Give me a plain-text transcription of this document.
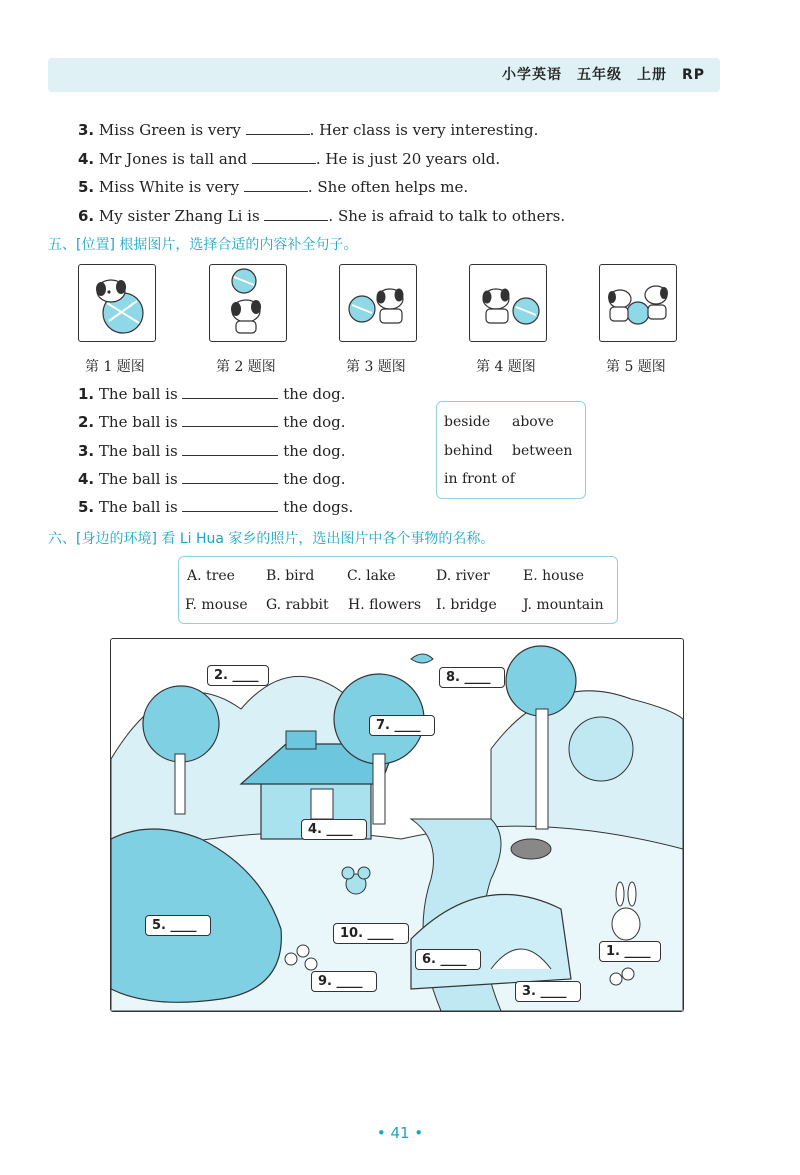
小学英语　五年级　上册　RP
3. Miss Green is very	. Her class is very interesting.
4. Mr Jones is tall and	. He is just 20 years old.
5. Miss White is very	. She often helps me.
6. My sister Zhang Li is	. She is afraid to talk to others.
五、[位置] 根据图片，选择合适的内容补全句子。
第 1 题图	第 2 题图	第 3 题图	第 4 题图	第 5 题图
1. The ball is	the dog.
2. The ball is	the dog.
3. The ball is	the dog.
4. The ball is	the dog.
5. The ball is	the dogs.
beside above
behind between
in front of
六、[身边的环境] 看 Li Hua 家乡的照片，选出图片中各个事物的名称。
A. tree B. bird C. lake	D. river E. house
F. mouse G. rabbit H. flowers I. bridge J. mountain
2. ____	8. ____
7. ____
4. ____
5. ____
10. ____
1. ____
6. ____
9. ____
3. ____
• 41 •
